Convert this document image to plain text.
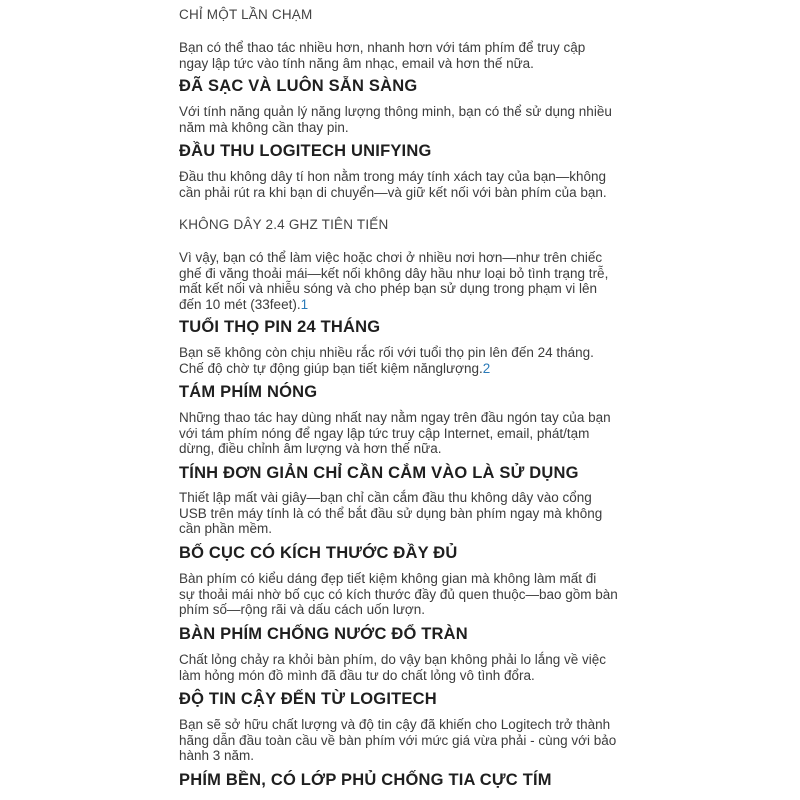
CHỈ MỘT LẦN CHẠM
Bạn có thể thao tác nhiều hơn, nhanh hơn với tám phím để truy cập
ngay lập tức vào tính năng âm nhạc, email và hơn thế nữa.
ĐÃ SẠC VÀ LUÔN SẴN SÀNG
Với tính năng quản lý năng lượng thông minh, bạn có thể sử dụng nhiều
năm mà không cần thay pin.
ĐẦU THU LOGITECH UNIFYING
Đầu thu không dây tí hon nằm trong máy tính xách tay của bạn—không
cần phải rút ra khi bạn di chuyển—và giữ kết nối với bàn phím của bạn.
KHÔNG DÂY 2.4 GHZ TIÊN TIẾN
Vì vậy, bạn có thể làm việc hoặc chơi ở nhiều nơi hơn—như trên chiếc
ghế đi văng thoải mái—kết nối không dây hầu như loại bỏ tình trạng trễ,
mất kết nối và nhiễu sóng và cho phép bạn sử dụng trong phạm vi lên
đến 10 mét (33feet).1
TUỔI THỌ PIN 24 THÁNG
Bạn sẽ không còn chịu nhiều rắc rối với tuổi thọ pin lên đến 24 tháng.
Chế độ chờ tự động giúp bạn tiết kiệm nănglượng.2
TÁM PHÍM NÓNG
Những thao tác hay dùng nhất nay nằm ngay trên đầu ngón tay của bạn
với tám phím nóng để ngay lập tức truy cập Internet, email, phát/tạm
dừng, điều chỉnh âm lượng và hơn thế nữa.
TÍNH ĐƠN GIẢN CHỈ CẦN CẮM VÀO LÀ SỬ DỤNG
Thiết lập mất vài giây—bạn chỉ cần cắm đầu thu không dây vào cổng
USB trên máy tính là có thể bắt đầu sử dụng bàn phím ngay mà không
cần phần mềm.
BỐ CỤC CÓ KÍCH THƯỚC ĐẦY ĐỦ
Bàn phím có kiểu dáng đẹp tiết kiệm không gian mà không làm mất đi
sự thoải mái nhờ bố cục có kích thước đầy đủ quen thuộc—bao gồm bàn
phím số—rộng rãi và dấu cách uốn lượn.
BÀN PHÍM CHỐNG NƯỚC ĐỔ TRÀN
Chất lỏng chảy ra khỏi bàn phím, do vậy bạn không phải lo lắng về việc
làm hỏng món đồ mình đã đầu tư do chất lỏng vô tình đổra.
ĐỘ TIN CẬY ĐẾN TỪ LOGITECH
Bạn sẽ sở hữu chất lượng và độ tin cậy đã khiến cho Logitech trở thành
hãng dẫn đầu toàn cầu về bàn phím với mức giá vừa phải - cùng với bảo
hành 3 năm.
PHÍM BỀN, CÓ LỚP PHỦ CHỐNG TIA CỰC TÍM
